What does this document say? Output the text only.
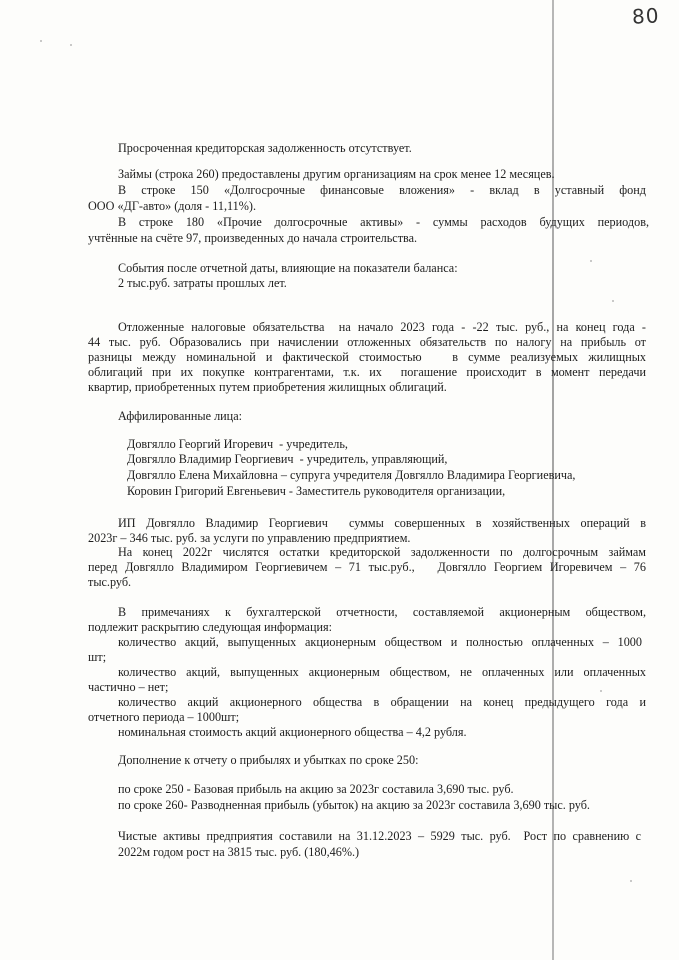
80
Просроченная кредиторская задолженность отсутствует.
Займы (строка 260) предоставлены другим организациям на срок менее 12 месяцев.
В строке 150 «Долгосрочные финансовые вложения» - вклад в уставный фонд
ООО «ДГ-авто» (доля - 11,11%).
В строке 180 «Прочие долгосрочные активы» - суммы расходов будущих периодов,
учтённые на счёте 97, произведенных до начала строительства.
События после отчетной даты, влияющие на показатели баланса:
2 тыс.руб. затраты прошлых лет.
Отложенные налоговые обязательства  на начало 2023 года - -22 тыс. руб., на конец года -
44 тыс. руб. Образовались при начислении отложенных обязательств по налогу на прибыль от
разницы между номинальной и фактической стоимостью   в сумме реализуемых жилищных
облигаций при их покупке контрагентами, т.к. их  погашение происходит в момент передачи
квартир, приобретенных путем приобретения жилищных облигаций.
Аффилированные лица:
Довгялло Георгий Игоревич  - учредитель,
Довгялло Владимир Георгиевич  - учредитель, управляющий,
Довгялло Елена Михайловна – супруга учредителя Довгялло Владимира Георгиевича,
Коровин Григорий Евгеньевич - Заместитель руководителя организации,
ИП Довгялло Владимир Георгиевич  суммы совершенных в хозяйственных операций в
2023г – 346 тыс. руб. за услуги по управлению предприятием.
На конец 2022г числятся остатки кредиторской задолженности по долгосрочным займам
перед Довгялло Владимиром Георгиевичем – 71 тыс.руб.,   Довгялло Георгием Игоревичем – 76
тыс.руб.
В примечаниях к бухгалтерской отчетности, составляемой акционерным обществом,
подлежит раскрытию следующая информация:
количество акций, выпущенных акционерным обществом и полностью оплаченных – 1000
шт;
количество акций, выпущенных акционерным обществом, не оплаченных или оплаченных
частично – нет;
количество акций акционерного общества в обращении на конец предыдущего года и
отчетного периода – 1000шт;
номинальная стоимость акций акционерного общества – 4,2 рубля.
Дополнение к отчету о прибылях и убытках по сроке 250:
по сроке 250 - Базовая прибыль на акцию за 2023г составила 3,690 тыс. руб.
по сроке 260- Разводненная прибыль (убыток) на акцию за 2023г составила 3,690 тыс. руб.
Чистые активы предприятия составили на 31.12.2023 – 5929 тыс. руб.  Рост по сравнению с
2022м годом рост на 3815 тыс. руб. (180,46%.)
